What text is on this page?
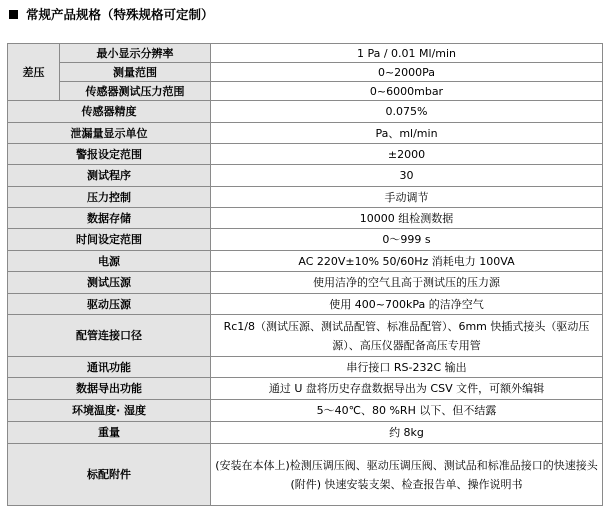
常规产品规格（特殊规格可定制）
差压	最小显示分辨率	1 Pa / 0.01 Ml/min
	测量范围	0~2000Pa
	传感器测试压力范围	0~6000mbar
传感器精度		0.075%
泄漏量显示单位		Pa、ml/min
警报设定范围		±2000
测试程序		30
压力控制		手动调节
数据存储		10000 组检测数据
时间设定范围		0～999 s
电源		AC 220V±10% 50/60Hz 消耗电力 100VA
测试压源		使用洁净的空气且高于测试压的压力源
驱动压源		使用 400~700kPa 的洁净空气
配管连接口径		Rc1/8（测试压源、测试品配管、标准品配管）、6mm 快插式接头（驱动压源）、高压仪器配备高压专用管
通讯功能		串行接口 RS-232C 输出
数据导出功能		通过 U 盘将历史存盘数据导出为 CSV 文件，可额外编辑
环境温度· 湿度		5～40℃、80 %RH 以下、但不结露
重量		约 8kg
标配附件		(安装在本体上)检测压调压阀、驱动压调压阀、测试品和标准品接口的快速接头 (附件) 快速安装支架、检查报告单、操作说明书
